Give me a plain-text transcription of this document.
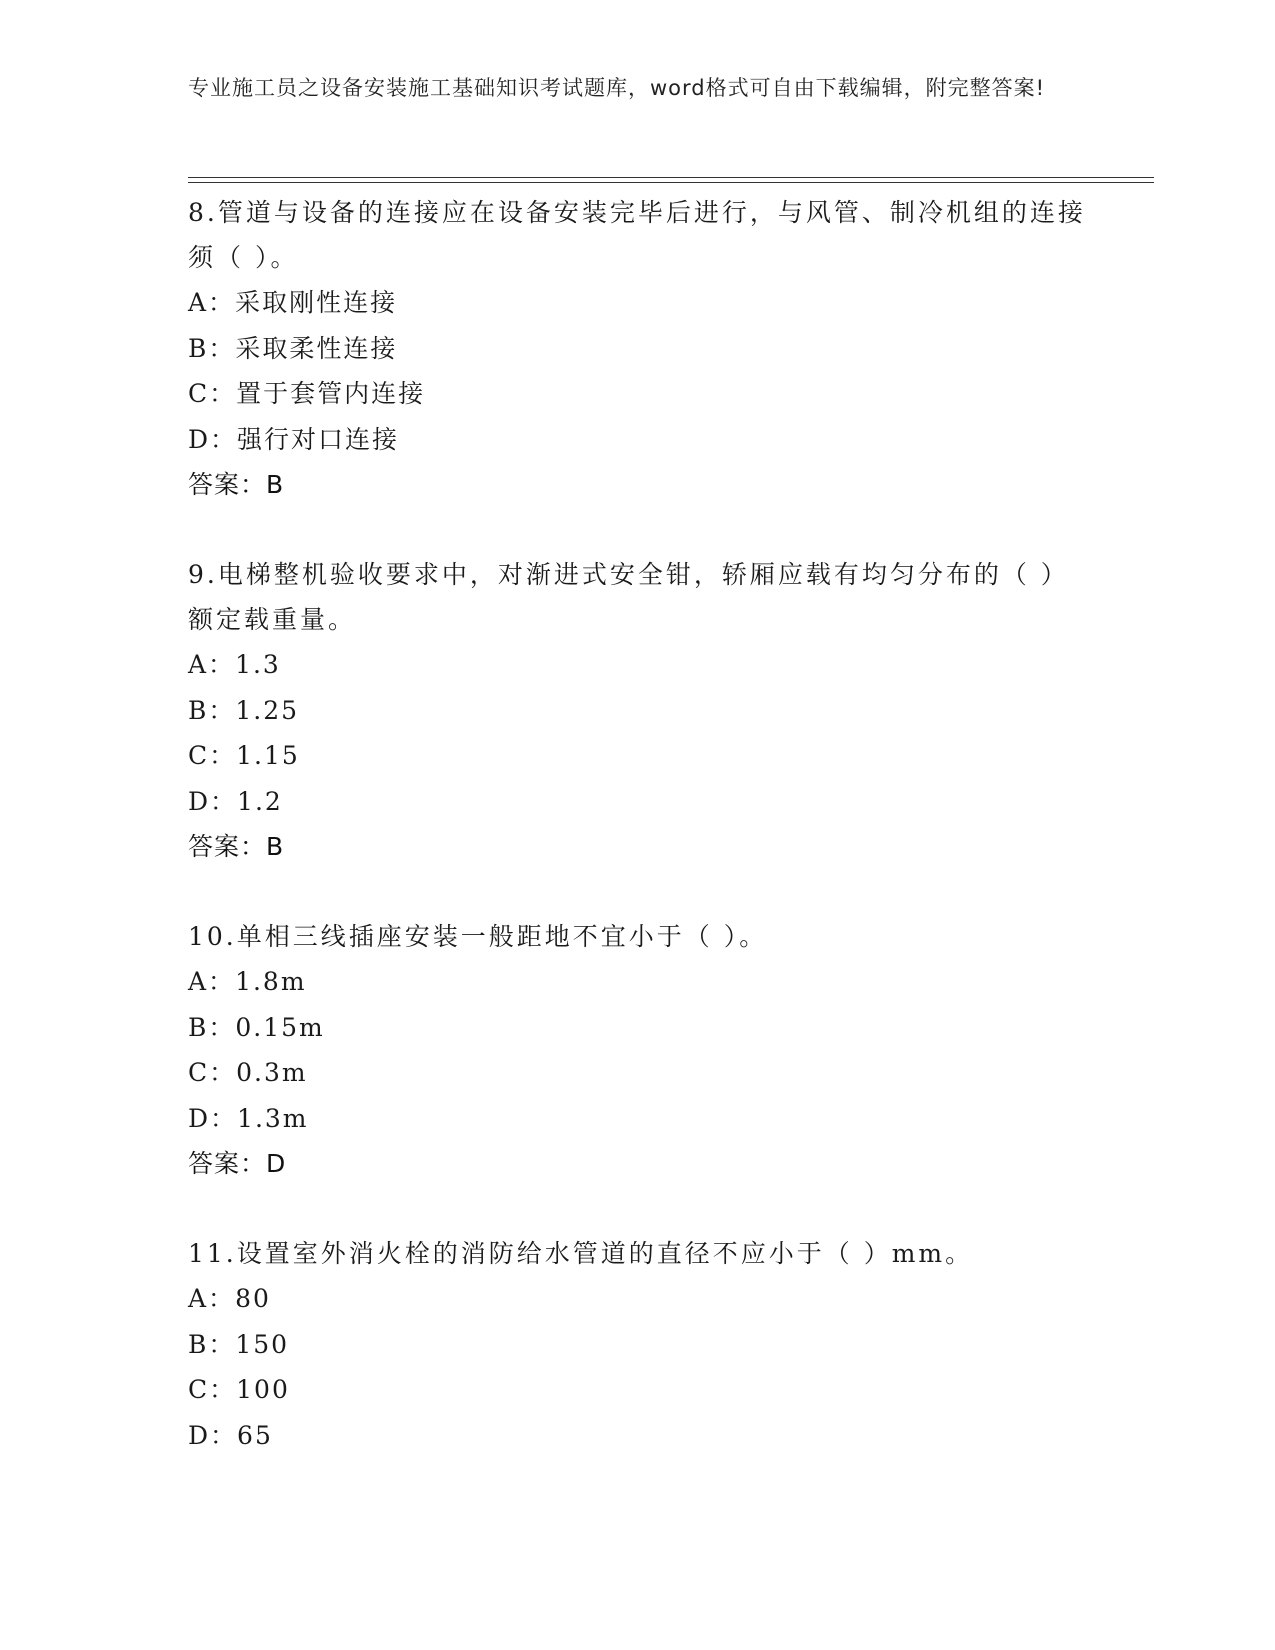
专业施工员之设备安装施工基础知识考试题库，word格式可自由下载编辑，附完整答案!
8.管道与设备的连接应在设备安装完毕后进行，与风管、制冷机组的连接须（ ）。
A：采取刚性连接
B：采取柔性连接
C：置于套管内连接
D：强行对口连接
答案：B
9.电梯整机验收要求中，对渐进式安全钳，轿厢应载有均匀分布的（ ）额定载重量。
A：1.3
B：1.25
C：1.15
D：1.2
答案：B
10.单相三线插座安装一般距地不宜小于（ ）。
A：1.8m
B：0.15m
C：0.3m
D：1.3m
答案：D
11.设置室外消火栓的消防给水管道的直径不应小于（ ）mm。
A：80
B：150
C：100
D：65
